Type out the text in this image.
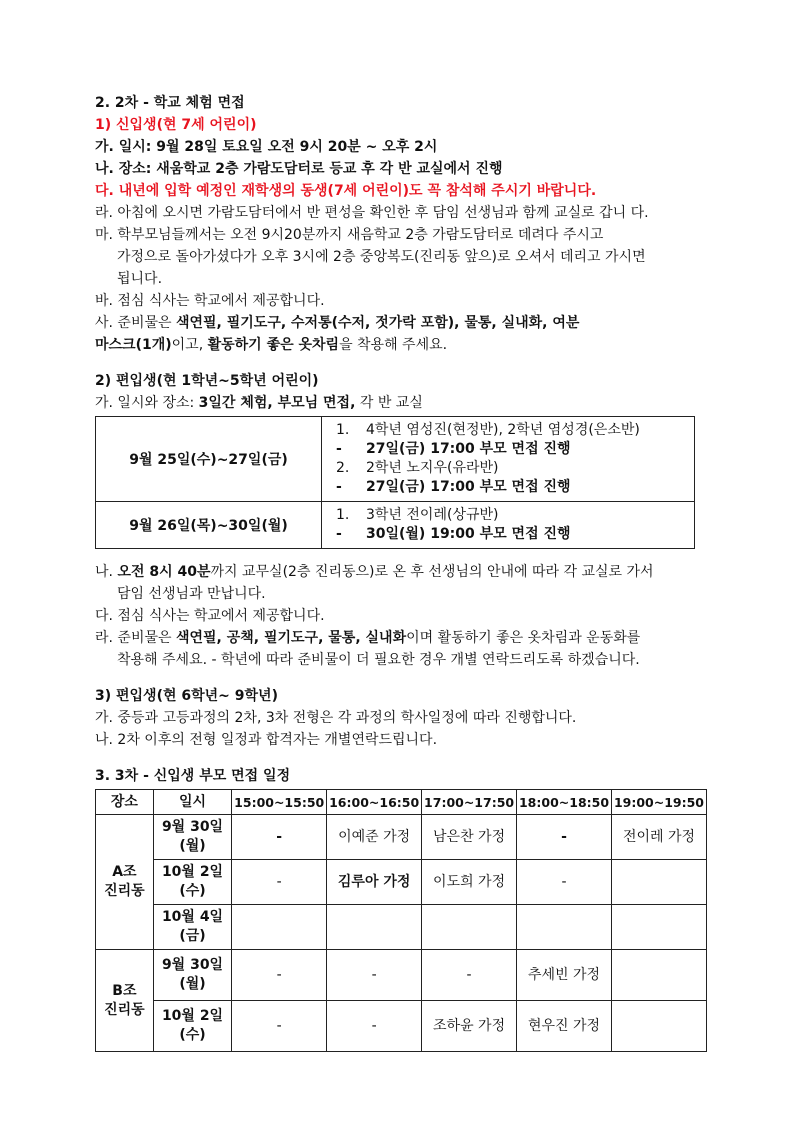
2. 2차 - 학교 체험 면접
1) 신입생(현 7세 어린이)
가. 일시: 9월 28일 토요일 오전 9시 20분 ~ 오후 2시
나. 장소: 새움학교 2층 가람도담터로 등교 후 각 반 교실에서 진행
다. 내년에 입학 예정인 재학생의 동생(7세 어린이)도 꼭 참석해 주시기 바랍니다.
라. 아침에 오시면 가람도담터에서 반 편성을 확인한 후 담임 선생님과 함께 교실로 갑니 다.
마. 학부모님들께서는 오전 9시20분까지 새음학교 2층 가람도담터로 데려다 주시고
가정으로 돌아가셨다가 오후 3시에 2층 중앙복도(진리동 앞으)로 오셔서 데리고 가시면
됩니다.
바. 점심 식사는 학교에서 제공합니다.
사. 준비물은 색연필, 필기도구, 수저통(수저, 젓가락 포함), 물통, 실내화, 여분
마스크(1개)이고, 활동하기 좋은 옷차림을 착용해 주세요.
2) 편입생(현 1학년~5학년 어린이)
가. 일시와 장소: 3일간 체험, 부모님 면접, 각 반 교실
9월 25일(수)~27일(금)	1. 4학년 염성진(현정반), 2학년 염성경(은소반)
- 27일(금) 17:00 부모 면접 진행
2. 2학년 노지우(유라반)
- 27일(금) 17:00 부모 면접 진행

9월 26일(목)~30일(월)	1. 3학년 전이레(상규반)
- 30일(월) 19:00 부모 면접 진행
나. 오전 8시 40분까지 교무실(2층 진리동으)로 온 후 선생님의 안내에 따라 각 교실로 가서
담임 선생님과 만납니다.
다. 점심 식사는 학교에서 제공합니다.
라. 준비물은 색연필, 공책, 필기도구, 물통, 실내화이며 활동하기 좋은 옷차림과 운동화를
착용해 주세요. - 학년에 따라 준비물이 더 필요한 경우 개별 연락드리도록 하겠습니다.
3) 편입생(현 6학년~ 9학년)
가. 중등과 고등과정의 2차, 3차 전형은 각 과정의 학사일정에 따라 진행합니다.
나. 2차 이후의 전형 일정과 합격자는 개별연락드립니다.
3. 3차 - 신입생 부모 면접 일정
장소	일시	15:00~15:50	16:00~16:50	17:00~17:50	18:00~18:50	19:00~19:50
A조
진리동	9월 30일
(월)	-	이예준 가정	남은찬 가정	-	전이레 가정
	10월 2일
(수)	-	김루아 가정	이도희 가정	-	
	10월 4일
(금)					
B조
진리동	9월 30일
(월)	-	-	-	추세빈 가정	
	10월 2일
(수)	-	-	조하윤 가정	현우진 가정	
